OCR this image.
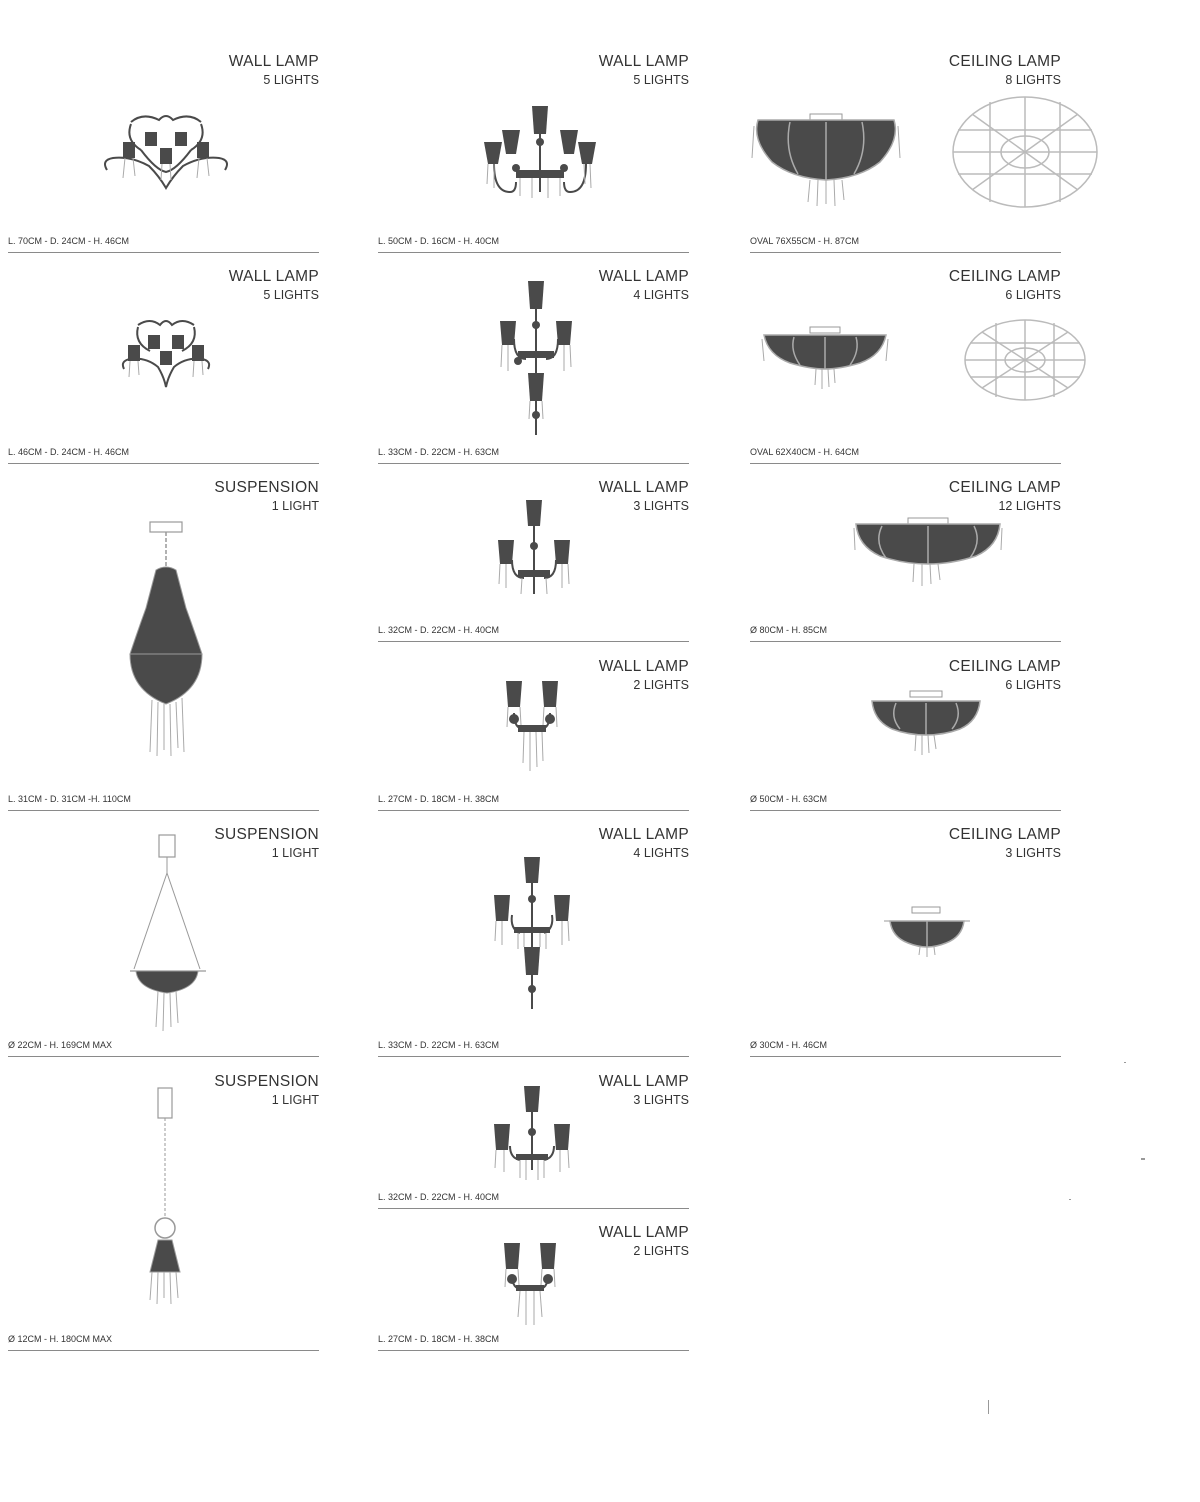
WALL LAMP
5 LIGHTS
L. 70CM - D. 24CM - H. 46CM
WALL LAMP
5 LIGHTS
L. 46CM - D. 24CM - H. 46CM
SUSPENSION
1 LIGHT
L. 31CM - D. 31CM -H. 110CM
SUSPENSION
1 LIGHT
Ø 22CM - H. 169CM MAX
SUSPENSION
1 LIGHT
Ø 12CM - H. 180CM MAX
WALL LAMP
5 LIGHTS
L. 50CM - D. 16CM - H. 40CM
WALL LAMP
4 LIGHTS
L. 33CM - D. 22CM - H. 63CM
WALL LAMP
3 LIGHTS
L. 32CM - D. 22CM - H. 40CM
WALL LAMP
2 LIGHTS
L. 27CM - D. 18CM - H. 38CM
WALL LAMP
4 LIGHTS
L. 33CM - D. 22CM - H. 63CM
WALL LAMP
3 LIGHTS
L. 32CM - D. 22CM - H. 40CM
WALL LAMP
2 LIGHTS
L. 27CM - D. 18CM - H. 38CM
CEILING LAMP
8 LIGHTS
OVAL 76X55CM - H. 87CM
CEILING LAMP
6 LIGHTS
OVAL 62X40CM - H. 64CM
CEILING LAMP
12 LIGHTS
Ø 80CM - H. 85CM
CEILING LAMP
6 LIGHTS
Ø 50CM - H. 63CM
CEILING LAMP
3 LIGHTS
Ø 30CM - H. 46CM
